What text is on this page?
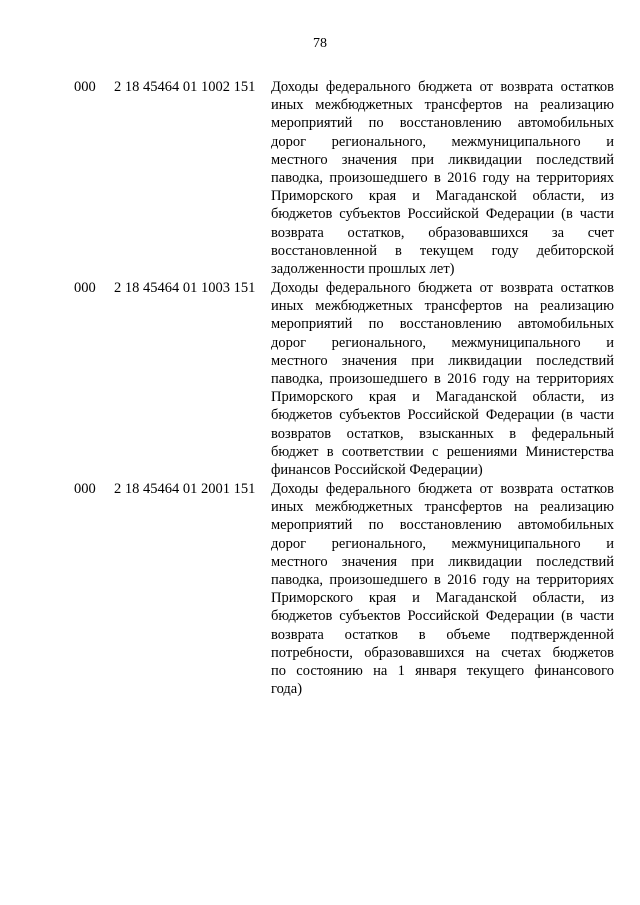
78
000 2 18 45464 01 1002 151 Доходы федерального бюджета от возврата остатков
иных межбюджетных трансфертов на реализацию
мероприятий по восстановлению автомобильных
дорог регионального, межмуниципального и
местного значения при ликвидации последствий
паводка, произошедшего в 2016 году на территориях
Приморского края и Магаданской области, из
бюджетов субъектов Российской Федерации (в части
возврата остатков, образовавшихся за счет
восстановленной в текущем году дебиторской
задолженности прошлых лет)
000 2 18 45464 01 1003 151 Доходы федерального бюджета от возврата остатков
иных межбюджетных трансфертов на реализацию
мероприятий по восстановлению автомобильных
дорог регионального, межмуниципального и
местного значения при ликвидации последствий
паводка, произошедшего в 2016 году на территориях
Приморского края и Магаданской области, из
бюджетов субъектов Российской Федерации (в части
возвратов остатков, взысканных в федеральный
бюджет в соответствии с решениями Министерства
финансов Российской Федерации)
000 2 18 45464 01 2001 151 Доходы федерального бюджета от возврата остатков
иных межбюджетных трансфертов на реализацию
мероприятий по восстановлению автомобильных
дорог регионального, межмуниципального и
местного значения при ликвидации последствий
паводка, произошедшего в 2016 году на территориях
Приморского края и Магаданской области, из
бюджетов субъектов Российской Федерации (в части
возврата остатков в объеме подтвержденной
потребности, образовавшихся на счетах бюджетов
по состоянию на 1 января текущего финансового
года)
